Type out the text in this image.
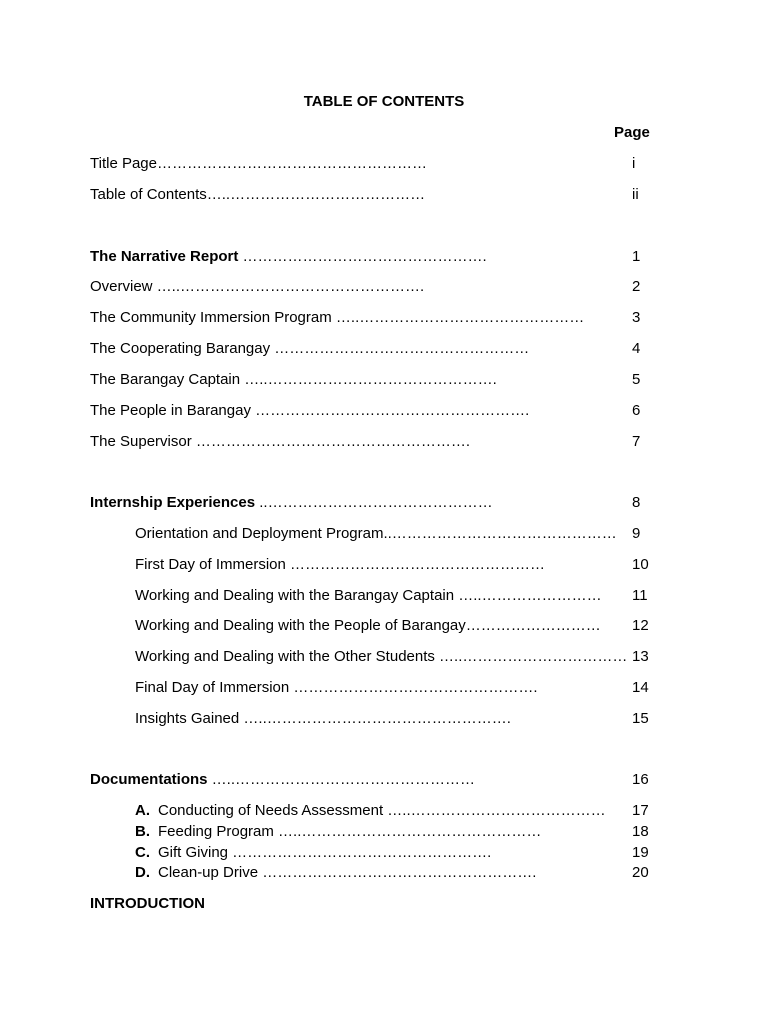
TABLE OF CONTENTS
Page
Title Page………………………………………………	i
Table of Contents…..…………………………………	ii
The Narrative Report ………………………………………….	1
Overview …..………………………………………….	2
The Community Immersion Program …..………………………………………	3
The Cooperating Barangay ……………………………………………	4
The Barangay Captain …..……………………………………….	5
The People in Barangay ……………………………………………….	6
The Supervisor ……………………………………………….	7
Internship Experiences ..………………………………………	8
Orientation and Deployment Program..……………………………………… 9
First Day of Immersion ……………………………………………	10
Working and Dealing with the Barangay Captain …..…………………… 11
Working and Dealing with the People of Barangay……………………… 12
Working and Dealing with the Other Students …..…………………………… 13
Final Day of Immersion ………………………………………….	14
Insights Gained …..………………………………………….	15
Documentations …..…………………………………………	16
A. Conducting of Needs Assessment …..………………………………… 17
B. Feeding Program …..…………………………………………	18
C. Gift Giving …………………………………………….	19
D. Clean-up Drive ……………………………………………….	20
INTRODUCTION
